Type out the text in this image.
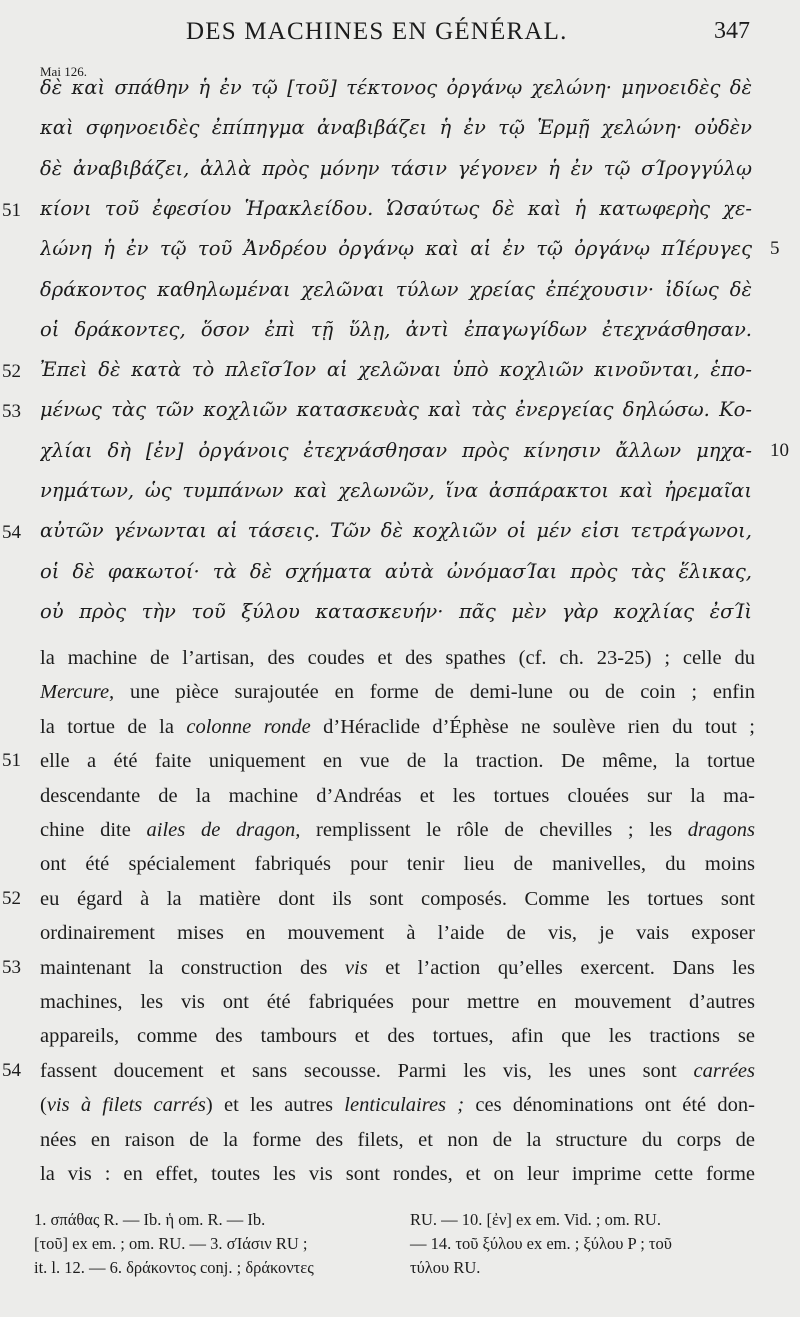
DES MACHINES EN GÉNÉRAL.	347
Mai 126.
δὲ καὶ σπάθην ἡ ἐν τῷ [τοῦ] τέκτονος ὀργάνῳ χελώνη· μηνοειδὲς δὲ
καὶ σφηνοειδὲς ἐπίπηγμα ἀναβιβάζει ἡ ἐν τῷ Ἑρμῇ χελώνη· οὐδὲν
δὲ ἀναβιβάζει, ἀλλὰ πρὸς μόνην τάσιν γέγονεν ἡ ἐν τῷ σΊρογγύλῳ
κίονι τοῦ ἐφεσίου Ἡρακλείδου. Ὡσαύτως δὲ καὶ ἡ κατωφερὴς χε-
51
λώνη ἡ ἐν τῷ τοῦ Ἀνδρέου ὀργάνῳ καὶ αἱ ἐν τῷ ὀργάνῳ πΊέρυγες 5
δράκοντος καθηλωμέναι χελῶναι τύλων χρείας ἐπέχουσιν· ἰδίως δὲ
οἱ δράκοντες, ὅσον ἐπὶ τῇ ὕλῃ, ἀντὶ ἐπαγωγίδων ἐτεχνάσθησαν.
Ἐπεὶ δὲ κατὰ τὸ πλεῖσΊον αἱ χελῶναι ὑπὸ κοχλιῶν κινοῦνται, ἑπο-
52
μένως τὰς τῶν κοχλιῶν κατασκευὰς καὶ τὰς ἐνεργείας δηλώσω. Κο-
53
χλίαι δὴ [ἐν] ὀργάνοις ἐτεχνάσθησαν πρὸς κίνησιν ἄλλων μηχα- 10
νημάτων, ὡς τυμπάνων καὶ χελωνῶν, ἵνα ἀσπάρακτοι καὶ ἠρεμαῖαι
αὐτῶν γένωνται αἱ τάσεις. Τῶν δὲ κοχλιῶν οἱ μέν εἰσι τετράγωνοι,
54
οἱ δὲ φακωτοί· τὰ δὲ σχήματα αὐτὰ ὠνόμασΊαι πρὸς τὰς ἕλικας,
οὐ πρὸς τὴν τοῦ ξύλου κατασκευήν· πᾶς μὲν γὰρ κοχλίας ἐσΊὶ
la machine de l’artisan, des coudes et des spathes (cf. ch. 23-25) ; celle du
Mercure, une pièce surajoutée en forme de demi-lune ou de coin ; enfin
la tortue de la colonne ronde d’Héraclide d’Éphèse ne soulève rien du tout ;
elle a été faite uniquement en vue de la traction. De même, la tortue
51
descendante de la machine d’Andréas et les tortues clouées sur la ma-
chine dite ailes de dragon, remplissent le rôle de chevilles ; les dragons
ont été spécialement fabriqués pour tenir lieu de manivelles, du moins
eu égard à la matière dont ils sont composés. Comme les tortues sont
52
ordinairement mises en mouvement à l’aide de vis, je vais exposer
maintenant la construction des vis et l’action qu’elles exercent. Dans les
53
machines, les vis ont été fabriquées pour mettre en mouvement d’autres
appareils, comme des tambours et des tortues, afin que les tractions se
fassent doucement et sans secousse. Parmi les vis, les unes sont carrées
54
(vis à filets carrés) et les autres lenticulaires ; ces dénominations ont été don-
nées en raison de la forme des filets, et non de la structure du corps de
la vis : en effet, toutes les vis sont rondes, et on leur imprime cette forme
1. σπάθας R. — Ib. ἡ om. R. — Ib.
[τοῦ] ex em. ; om. RU. — 3. σΊάσιν RU ;
it. l. 12. — 6. δράκοντος conj. ; δράκοντες
RU. — 10. [ἐν] ex em. Vid. ; om. RU.
— 14. τοῦ ξύλου ex em. ; ξύλου P ; τοῦ
τύλου RU.
